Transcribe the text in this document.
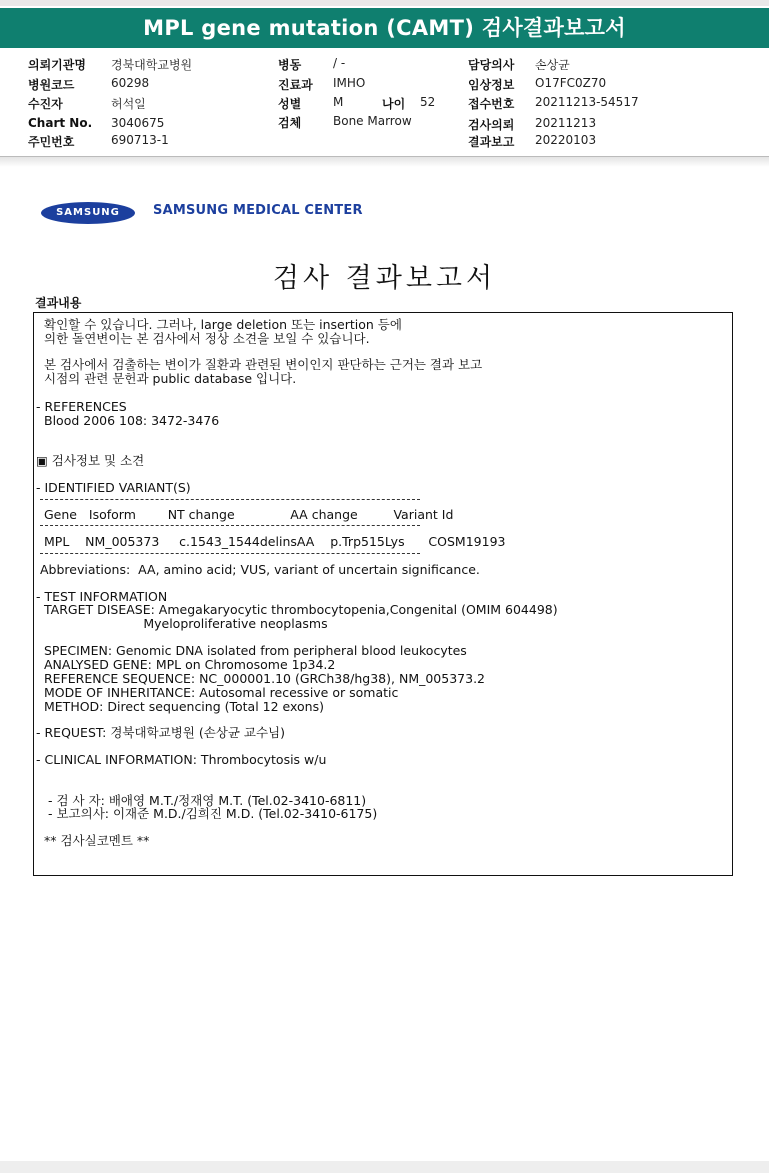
MPL gene mutation (CAMT) 검사결과보고서
의뢰기관명 경북대학교병원
병원코드	60298
수진자	허석일
Chart No. 3040675
주민번호	690713-1
병동	/ -
진료과 IMHO
성별	M	나이 52
검체	Bone Marrow
담당의사 손상균
임상정보 O17FC0Z70
접수번호 20211213-54517
검사의뢰 20211213
결과보고 20220103
SAMSUNG	SAMSUNG MEDICAL CENTER
검사 결과보고서
결과내용
확인할 수 있습니다. 그러나, large deletion 또는 insertion 등에
의한 돌연변이는 본 검사에서 정상 소견을 보일 수 있습니다.
본 검사에서 검출하는 변이가 질환과 관련된 변이인지 판단하는 근거는 결과 보고
시점의 관련 문헌과 public database 입니다.
- REFERENCES
Blood 2006 108: 3472-3476
▣ 검사정보 및 소견
- IDENTIFIED VARIANT(S)
Gene   Isoform        NT change              AA change         Variant Id
MPL    NM_005373     c.1543_1544delinsAA    p.Trp515Lys      COSM19193
Abbreviations:  AA, amino acid; VUS, variant of uncertain significance.
- TEST INFORMATION
TARGET DISEASE: Amegakaryocytic thrombocytopenia,Congenital (OMIM 604498)
Myeloproliferative neoplasms
SPECIMEN: Genomic DNA isolated from peripheral blood leukocytes
ANALYSED GENE: MPL on Chromosome 1p34.2
REFERENCE SEQUENCE: NC_000001.10 (GRCh38/hg38), NM_005373.2
MODE OF INHERITANCE: Autosomal recessive or somatic
METHOD: Direct sequencing (Total 12 exons)
- REQUEST: 경북대학교병원 (손상균 교수님)
- CLINICAL INFORMATION: Thrombocytosis w/u
- 검 사 자: 배애영 M.T./정재영 M.T. (Tel.02-3410-6811)
- 보고의사: 이재준 M.D./김희진 M.D. (Tel.02-3410-6175)
** 검사실코멘트 **
